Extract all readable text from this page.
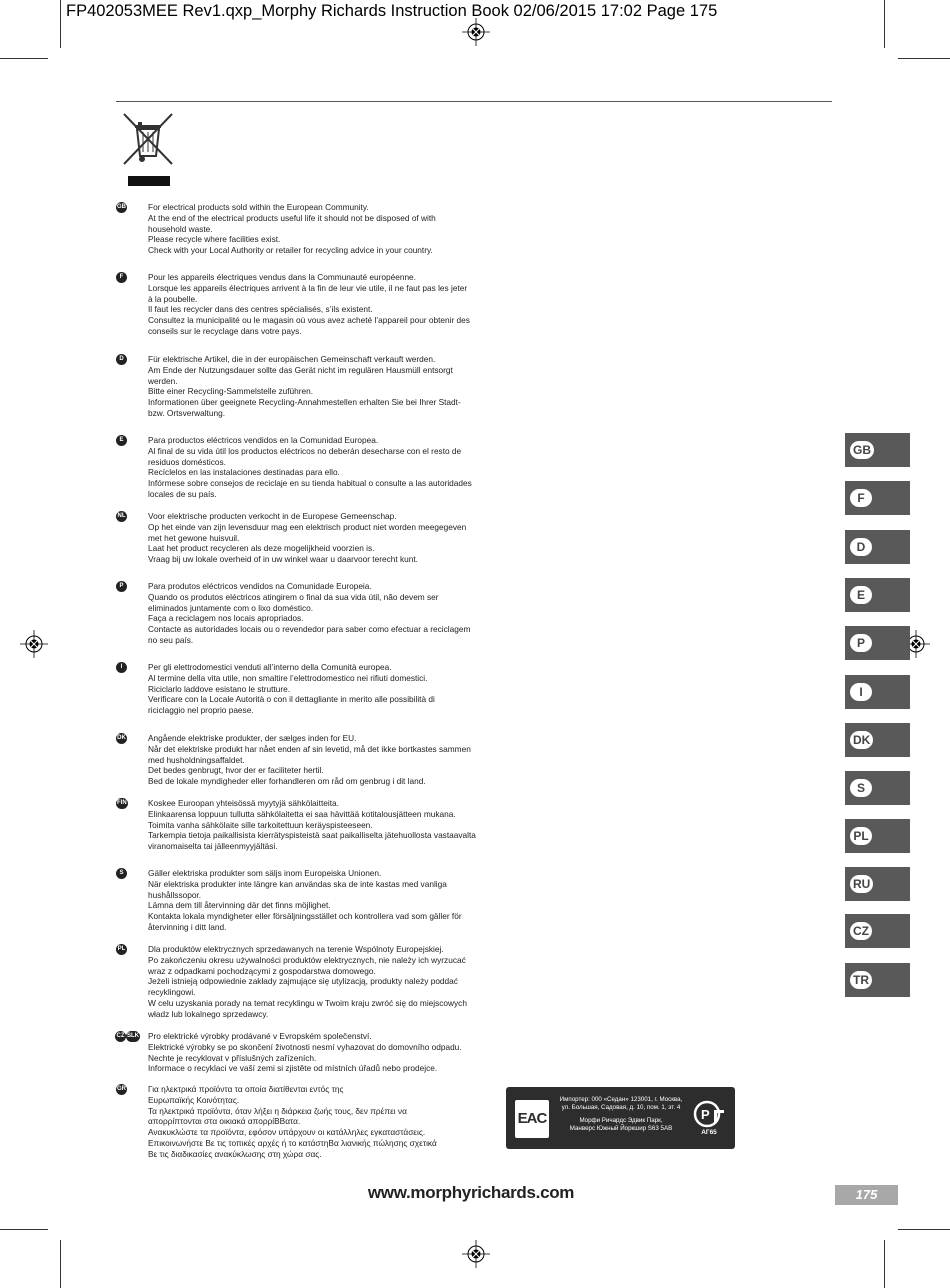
FP402053MEE Rev1.qxp_Morphy Richards Instruction Book 02/06/2015 17:02 Page 175
GB	For electrical products sold within the European Community.
At the end of the electrical products useful life it should not be disposed of with
household waste.
Please recycle where facilities exist.
Check with your Local Authority or retailer for recycling advice in your country.
F	Pour les appareils électriques vendus dans la Communauté européenne.
Lorsque les appareils électriques arrivent à la fin de leur vie utile, il ne faut pas les jeter
à la poubelle.
Il faut les recycler dans des centres spécialisés, s’ils existent.
Consultez la municipalité ou le magasin où vous avez acheté l’appareil pour obtenir des
conseils sur le recyclage dans votre pays.
D	Für elektrische Artikel, die in der europäischen Gemeinschaft verkauft werden.
Am Ende der Nutzungsdauer sollte das Gerät nicht im regulären Hausmüll entsorgt
werden.
Bitte einer Recycling-Sammelstelle zuführen.
Informationen über geeignete Recycling-Annahmestellen erhalten Sie bei Ihrer Stadt-
bzw. Ortsverwaltung.
E	Para productos eléctricos vendidos en la Comunidad Europea.
Al final de su vida útil los productos eléctricos no deberán desecharse con el resto de
residuos domésticos.
Recíclelos en las instalaciones destinadas para ello.
Infórmese sobre consejos de reciclaje en su tienda habitual o consulte a las autoridades
locales de su país.
NL	Voor elektrische producten verkocht in de Europese Gemeenschap.
Op het einde van zijn levensduur mag een elektrisch product niet worden meegegeven
met het gewone huisvuil.
Laat het product recycleren als deze mogelijkheid voorzien is.
Vraag bij uw lokale overheid of in uw winkel waar u daarvoor terecht kunt.
P	Para produtos eléctricos vendidos na Comunidade Europeia.
Quando os produtos eléctricos atingirem o final da sua vida útil, não devem ser
eliminados juntamente com o lixo doméstico.
Faça a reciclagem nos locais apropriados.
Contacte as autoridades locais ou o revendedor para saber como efectuar a reciclagem
no seu país.
I	Per gli elettrodomestici venduti all’interno della Comunità europea.
Al termine della vita utile, non smaltire l’elettrodomestico nei rifiuti domestici.
Riciclarlo laddove esistano le strutture.
Verificare con la Locale Autorità o con il dettagliante in merito alle possibilità di
riciclaggio nel proprio paese.
DK	Angående elektriske produkter, der sælges inden for EU.
Når det elektriske produkt har nået enden af sin levetid, må det ikke bortkastes sammen
med husholdningsaffaldet.
Det bedes genbrugt, hvor der er faciliteter hertil.
Bed de lokale myndigheder eller forhandleren om råd om genbrug i dit land.
FIN	Koskee Euroopan yhteisössä myytyjä sähkölaitteita.
Elinkaarensa loppuun tullutta sähkölaitetta ei saa hävittää kotitalousjätteen mukana.
Toimita vanha sähkölaite sille tarkoitettuun keräyspisteeseen.
Tarkempia tietoja paikallisista kierrätyspisteistä saat paikalliselta jätehuollosta vastaavalta
viranomaiselta tai jälleenmyyjältäsi.
S	Gäller elektriska produkter som säljs inom Europeiska Unionen.
När elektriska produkter inte längre kan användas ska de inte kastas med vanliga
hushållssopor.
Lämna dem till återvinning där det finns möjlighet.
Kontakta lokala myndigheter eller försäljningsstället och kontrollera vad som gäller för
återvinning i ditt land.
PL	Dla produktów elektrycznych sprzedawanych na terenie Wspólnoty Europejskiej.
Po zakończeniu okresu używalności produktów elektrycznych, nie należy ich wyrzucać
wraz z odpadkami pochodzącymi z gospodarstwa domowego.
Jeżeli istnieją odpowiednie zakłady zajmujące się utylizacją, produkty należy poddać
recyklingowi.
W celu uzyskania porady na temat recyklingu w Twoim kraju zwróć się do miejscowych
władz lub lokalnego sprzedawcy.
CZ SLK Pro elektrické výrobky prodávané v Evropském společenství.
Elektrické výrobky se po skončení životnosti nesmí vyhazovat do domovního odpadu.
Nechte je recyklovat v příslušných zařízeních.
Informace o recyklaci ve vaší zemi si zjistěte od místních úřadů nebo prodejce.
GR	Για ηλεκτρικά προϊόντα τα οποία διατίθενται εντός της
Ευρωπαϊκής Κοινότητας.
Τα ηλεκτρικά προϊόντα, όταν λήξει η διάρκεια ζωής τους, δεν πρέπει να
απορρίπτονται στα οικιακά απορρίΒΒατα.
Ανακυκλώστε τα προϊόντα, εφόσον υπάρχουν οι κατάλληλες εγκαταστάσεις.
Επικοινωνήστε Βε τις τοπικές αρχές ή το κατάστηΒα λιανικής πώλησης σχετικά
Βε τις διαδικασίες ανακύκλωσης στη χώρα σας.
GB
F
D
E
P
I
DK
S
PL
RU
CZ
TR
EAC
Импортер: 000 «Седан» 123001, г. Москва,
ул. Большая, Садовая, д. 10, пом. 1, эт. 4
Морфи Ричардс Эдвик Парк,
Манверс Южный Йоркшир S63 5AB
P
АГ65
www.morphyrichards.com	175
